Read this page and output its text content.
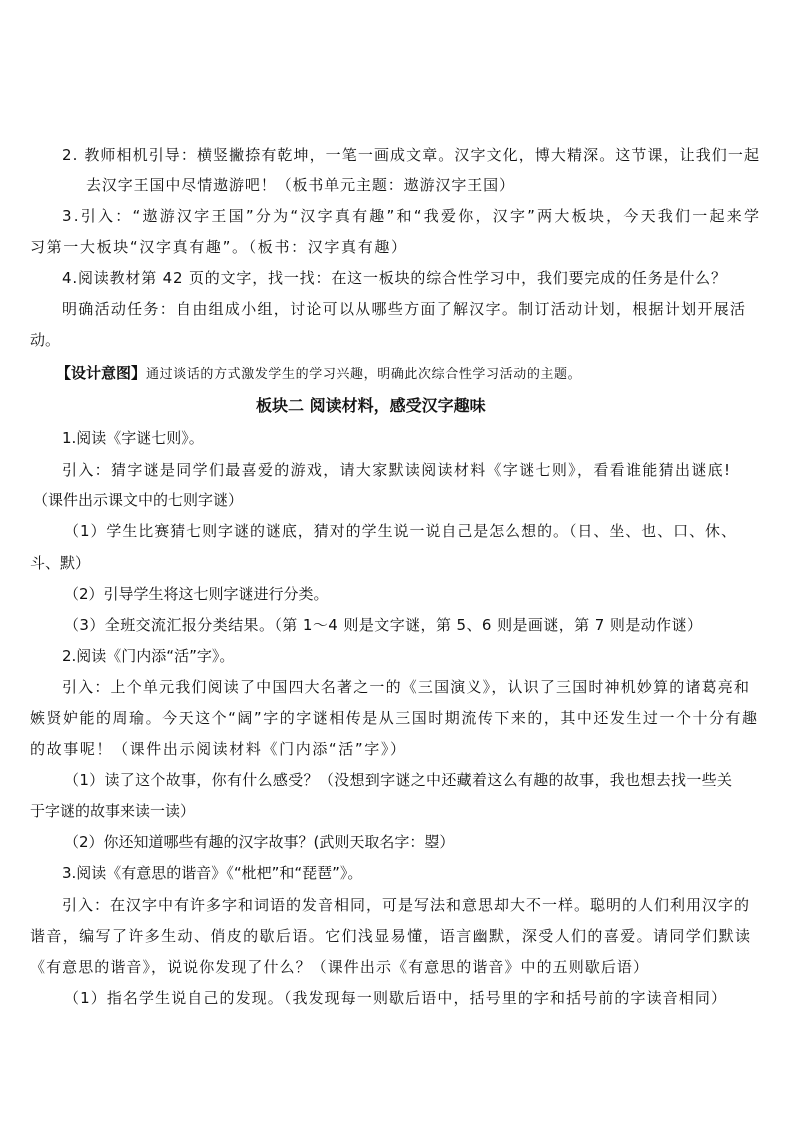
2. 教师相机引导：横竖撇捺有乾坤，一笔一画成文章。汉字文化，博大精深。这节课，让我们一起
去汉字王国中尽情遨游吧！（板书单元主题：遨游汉字王国）
3.引入：“遨游汉字王国”分为“汉字真有趣”和“我爱你，汉字”两大板块，今天我们一起来学
习第一大板块“汉字真有趣”。（板书：汉字真有趣）
4.阅读教材第 42 页的文字，找一找：在这一板块的综合性学习中，我们要完成的任务是什么？
明确活动任务：自由组成小组，讨论可以从哪些方面了解汉字。制订活动计划，根据计划开展活
动。
【设计意图】通过谈话的方式激发学生的学习兴趣，明确此次综合性学习活动的主题。
板块二 阅读材料，感受汉字趣味
1.阅读《字谜七则》。
引入：猜字谜是同学们最喜爱的游戏，请大家默读阅读材料《字谜七则》，看看谁能猜出谜底!
（课件出示课文中的七则字谜）
（1）学生比赛猜七则字谜的谜底，猜对的学生说一说自己是怎么想的。（日、坐、也、口、休、
斗、默）
（2）引导学生将这七则字谜进行分类。
（3）全班交流汇报分类结果。（第 1～4 则是文字谜，第 5、6 则是画谜，第 7 则是动作谜）
2.阅读《门内添“活”字》。
引入：上个单元我们阅读了中国四大名著之一的《三国演义》，认识了三国时神机妙算的诸葛亮和
嫉贤妒能的周瑜。今天这个“阔”字的字谜相传是从三国时期流传下来的，其中还发生过一个十分有趣
的故事呢！（课件出示阅读材料《门内添“活”字》）
（1）读了这个故事，你有什么感受？（没想到字谜之中还藏着这么有趣的故事，我也想去找一些关
于字谜的故事来读一读）
（2）你还知道哪些有趣的汉字故事？(武则天取名字：曌）
3.阅读《有意思的谐音》《“枇杷”和“琵琶”》。
引入：在汉字中有许多字和词语的发音相同，可是写法和意思却大不一样。聪明的人们利用汉字的
谐音，编写了许多生动、俏皮的歇后语。它们浅显易懂，语言幽默，深受人们的喜爱。请同学们默读
《有意思的谐音》，说说你发现了什么？（课件出示《有意思的谐音》中的五则歇后语）
（1）指名学生说自己的发现。（我发现每一则歇后语中，括号里的字和括号前的字读音相同）
